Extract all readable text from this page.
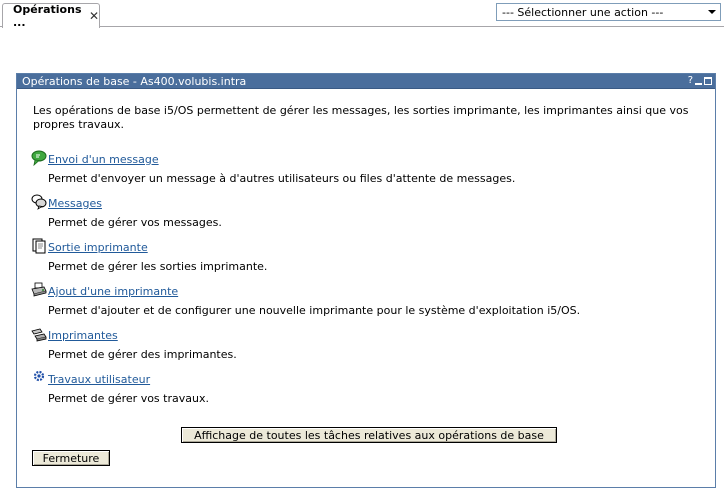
Opérations ...	✕	--- Sélectionner une action ---
Opérations de base - As400.volubis.intra	?
Les opérations de base i5/OS permettent de gérer les messages, les sorties imprimante, les imprimantes ainsi que vos propres travaux.
Envoi d'un message
Permet d'envoyer un message à d'autres utilisateurs ou files d'attente de messages.
Messages
Permet de gérer vos messages.
Sortie imprimante
Permet de gérer les sorties imprimante.
Ajout d'une imprimante
Permet d'ajouter et de configurer une nouvelle imprimante pour le système d'exploitation i5/OS.
Imprimantes
Permet de gérer des imprimantes.
Travaux utilisateur
Permet de gérer vos travaux.
Affichage de toutes les tâches relatives aux opérations de base
Fermeture
